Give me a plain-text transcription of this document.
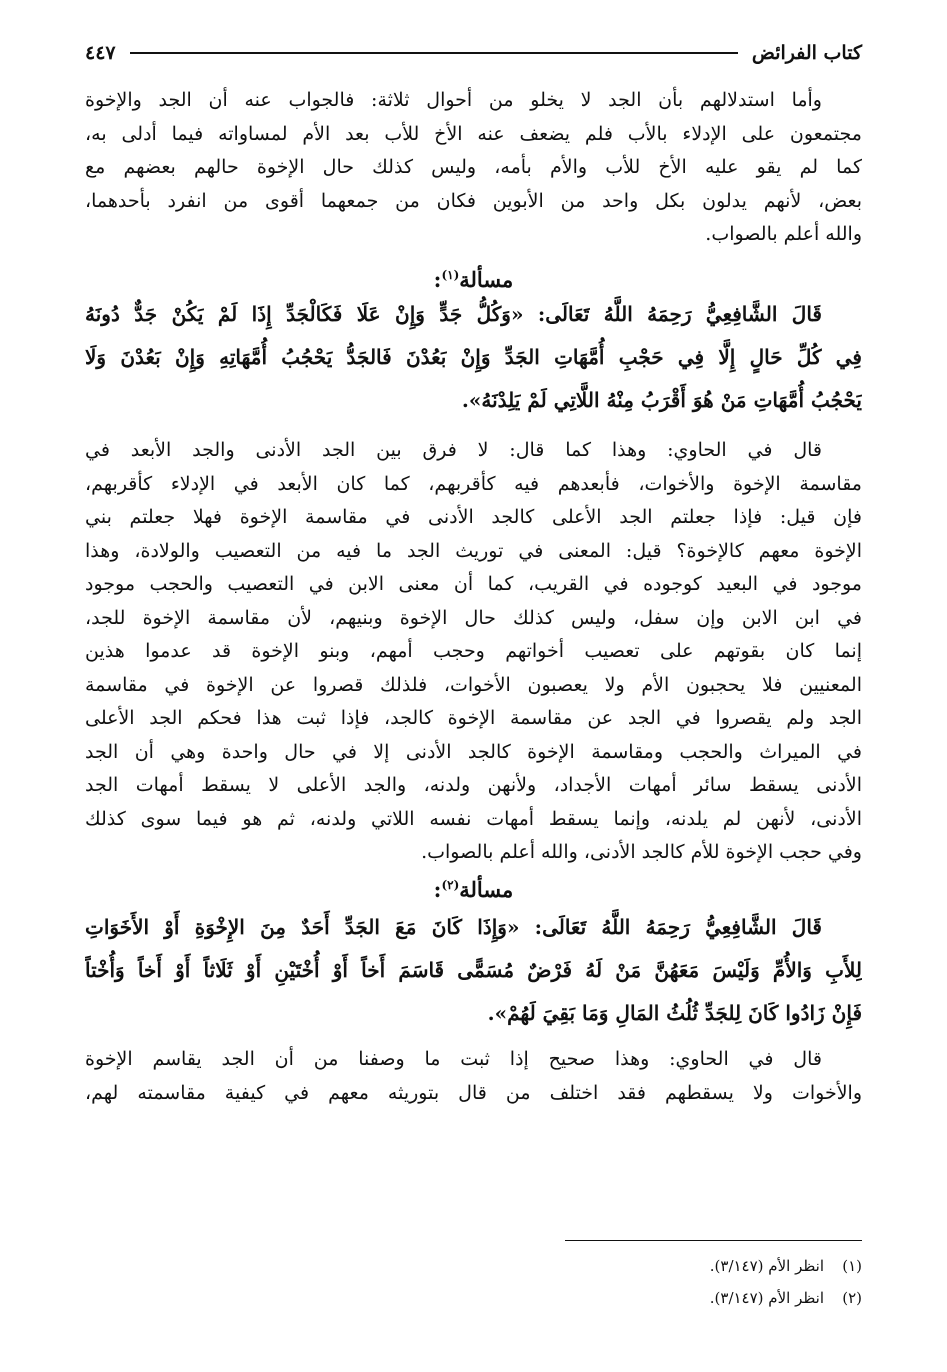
كتاب الفرائض
٤٤٧
وأما استدلالهم بأن الجد لا يخلو من أحوال ثلاثة: فالجواب عنه أن الجد والإخوة
مجتمعون على الإدلاء بالأب فلم يضعف عنه الأخ للأب بعد الأم لمساواته فيما أدلى به،
كما لم يقو عليه الأخ للأب والأم بأمه، وليس كذلك حال الإخوة حالهم بعضهم مع
بعض، لأنهم يدلون بكل واحد من الأبوين فكان من جمعهما أقوى من انفرد بأحدهما،
والله أعلم بالصواب.
مسألة$^{(١)}$:
قَالَ الشَّافِعِيُّ رَحِمَهُ اللَّهُ تَعَالَى: «وَكُلُّ جَدٍّ وَإِنْ عَلَا فَكَالْجَدِّ إِذَا لَمْ يَكُنْ جَدٌّ دُونَهُ
فِي كُلِّ حَالٍ إِلَّا فِي حَجْبِ أُمَّهَاتِ الجَدِّ وَإِنْ بَعُدْنَ فَالجَدُّ يَحْجُبُ أُمَّهَاتِهِ وَإِنْ بَعُدْنَ وَلَا
يَحْجُبُ أُمَّهَاتِ مَنْ هُوَ أَقْرَبُ مِنْهُ اللَّاتِي لَمْ يَلِدْنَهُ».
قال في الحاوي: وهذا كما قال: لا فرق بين الجد الأدنى والجد الأبعد في
مقاسمة الإخوة والأخوات، فأبعدهم فيه كأقربهم، كما كان الأبعد في الإدلاء كأقربهم،
فإن قيل: فإذا جعلتم الجد الأعلى كالجد الأدنى في مقاسمة الإخوة فهلا جعلتم بني
الإخوة معهم كالإخوة؟ قيل: المعنى في توريث الجد ما فيه من التعصيب والولادة، وهذا
موجود في البعيد كوجوده في القريب، كما أن معنى الابن في التعصيب والحجب موجود
في ابن الابن وإن سفل، وليس كذلك حال الإخوة وبنيهم، لأن مقاسمة الإخوة للجد،
إنما كان بقوتهم على تعصيب أخواتهم وحجب أمهم، وبنو الإخوة قد عدموا هذين
المعنيين فلا يحجبون الأم ولا يعصبون الأخوات، فلذلك قصروا عن الإخوة في مقاسمة
الجد ولم يقصروا في الجد عن مقاسمة الإخوة كالجد، فإذا ثبت هذا فحكم الجد الأعلى
في الميراث والحجب ومقاسمة الإخوة كالجد الأدنى إلا في حال واحدة وهي أن الجد
الأدنى يسقط سائر أمهات الأجداد، ولأنهن ولدنه، والجد الأعلى لا يسقط أمهات الجد
الأدنى، لأنهن لم يلدنه، وإنما يسقط أمهات نفسه اللاتي ولدنه، ثم هو فيما سوى كذلك
وفي حجب الإخوة للأم كالجد الأدنى، والله أعلم بالصواب.
مسألة$^{(٢)}$:
قَالَ الشَّافِعِيُّ رَحِمَهُ اللَّهُ تَعَالَى: «وَإِذَا كَانَ مَعَ الجَدِّ أَحَدٌ مِنَ الإِخْوَةِ أَوْ الأَخَوَاتِ
لِلأَبِ وَالأُمِّ وَلَيْسَ مَعَهُنَّ مَنْ لَهُ فَرْضٌ مُسَمًّى قَاسَمَ أَخاً أَوْ أُخْتَيْنِ أَوْ ثَلَاثاً أَوْ أَخاً وَأُخْتاً
فَإِنْ زَادُوا كَانَ لِلجَدِّ ثُلُثُ المَالِ وَمَا بَقِيَ لَهُمْ».
قال في الحاوي: وهذا صحيح إذا ثبت ما وصفنا من أن الجد يقاسم الإخوة
والأخوات ولا يسقطهم فقد اختلف من قال بتوريثه معهم في كيفية مقاسمته لهم،
(١)انظر الأم (٣/١٤٧).
(٢)انظر الأم (٣/١٤٧).
